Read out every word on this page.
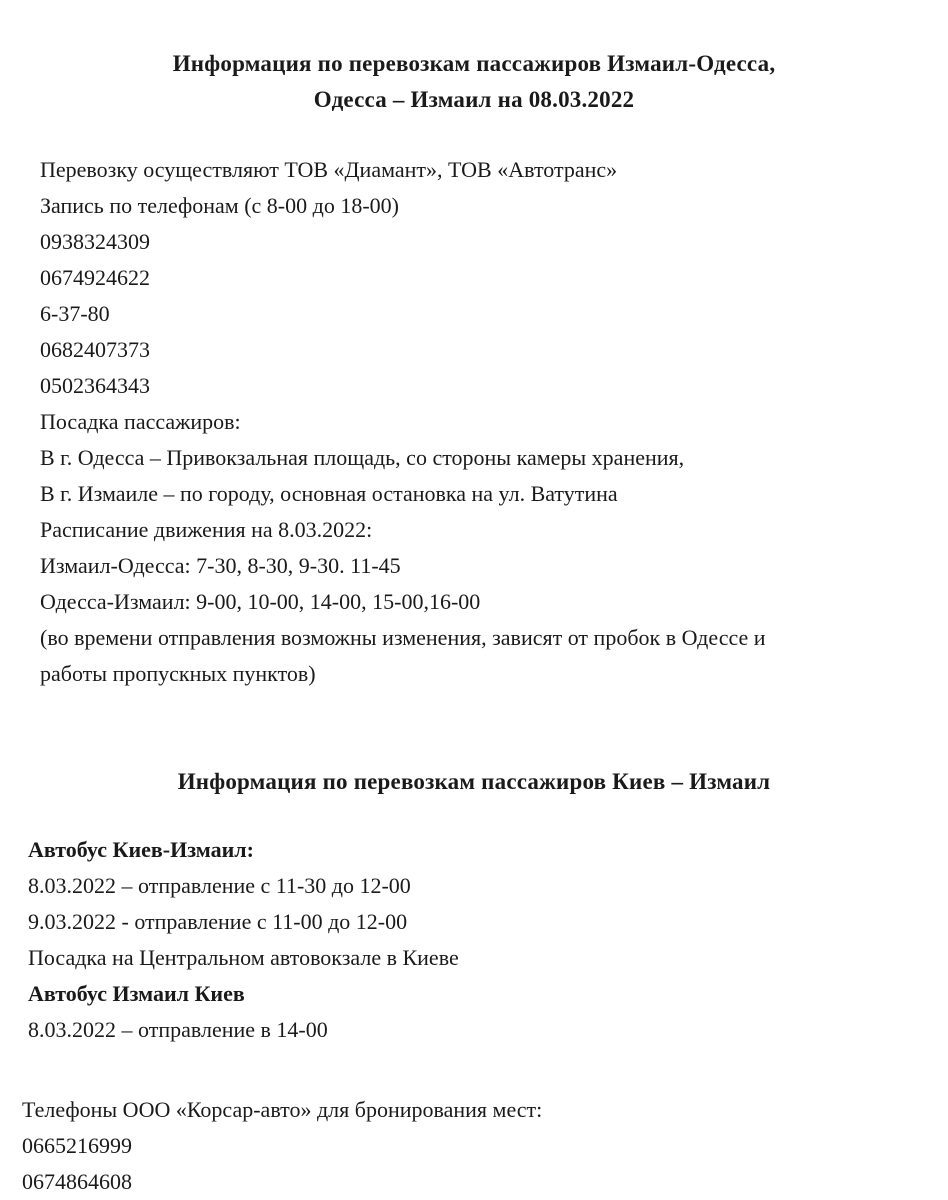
Информация по перевозкам пассажиров Измаил-Одесса,
Одесса – Измаил на 08.03.2022
Перевозку осуществляют ТОВ «Диамант», ТОВ «Автотранс»
Запись по телефонам (с 8-00 до 18-00)
0938324309
0674924622
6-37-80
0682407373
0502364343
Посадка пассажиров:
В г. Одесса – Привокзальная площадь, со стороны камеры хранения,
В г. Измаиле – по городу, основная остановка на ул. Ватутина
Расписание движения на 8.03.2022:
Измаил-Одесса: 7-30, 8-30, 9-30. 11-45
Одесса-Измаил: 9-00, 10-00, 14-00, 15-00,16-00
(во времени отправления возможны изменения, зависят от пробок в Одессе и
работы пропускных пунктов)
Информация по перевозкам пассажиров Киев – Измаил
Автобус Киев-Измаил:
8.03.2022 – отправление с 11-30 до 12-00
9.03.2022 - отправление с 11-00 до 12-00
Посадка на Центральном автовокзале в Киеве
Автобус Измаил Киев
8.03.2022 – отправление в 14-00
Телефоны ООО «Корсар-авто» для бронирования мест:
0665216999
0674864608
